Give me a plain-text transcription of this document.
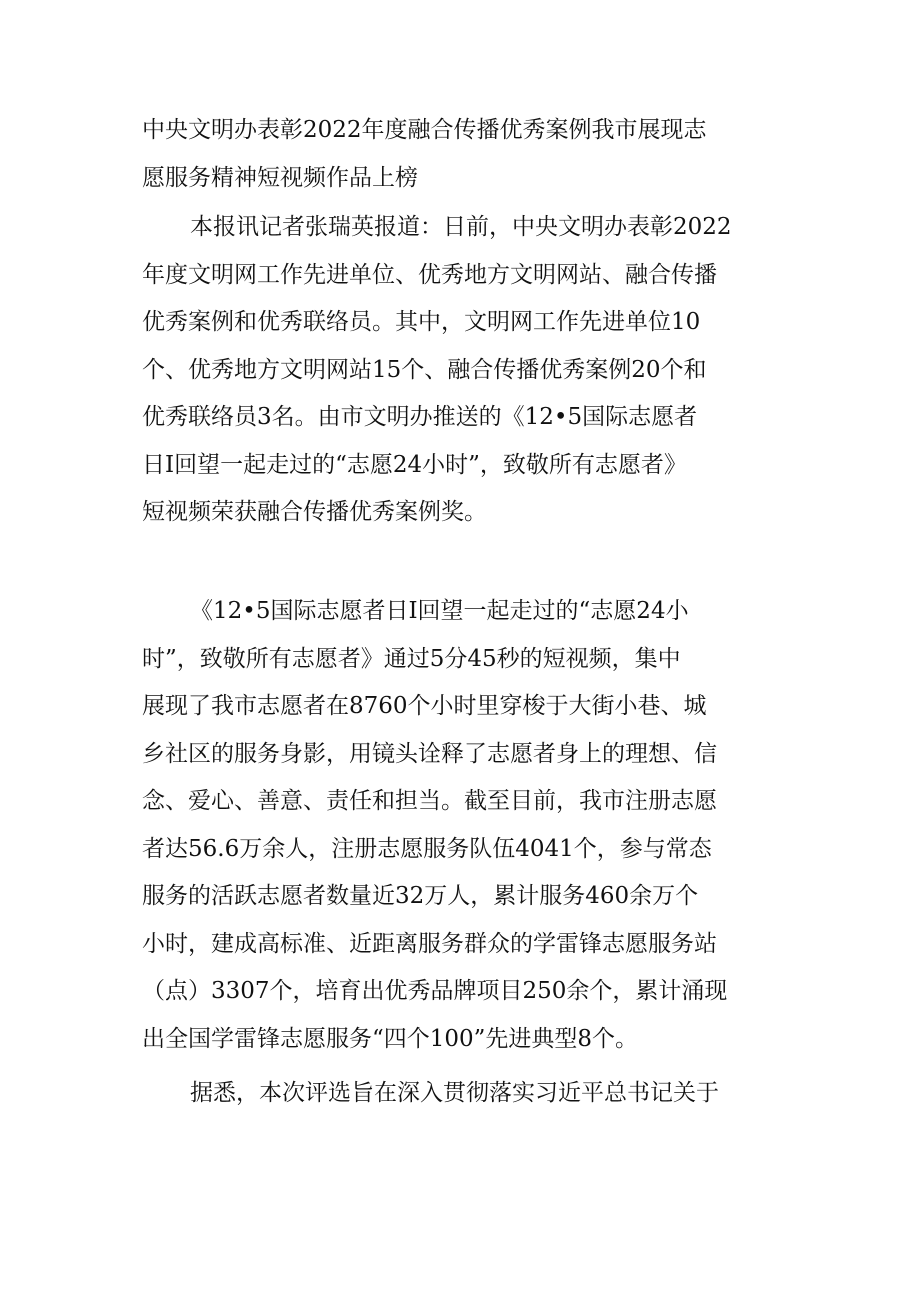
中央文明办表彰2022年度融合传播优秀案例我市展现志
愿服务精神短视频作品上榜
本报讯记者张瑞英报道：日前，中央文明办表彰2022
年度文明网工作先进单位、优秀地方文明网站、融合传播
优秀案例和优秀联络员。其中，文明网工作先进单位10
个、优秀地方文明网站15个、融合传播优秀案例20个和
优秀联络员3名。由市文明办推送的《12•5国际志愿者
日I回望一起走过的“志愿24小时”，致敬所有志愿者》
短视频荣获融合传播优秀案例奖。
《12•5国际志愿者日I回望一起走过的“志愿24小
时”，致敬所有志愿者》通过5分45秒的短视频，集中
展现了我市志愿者在8760个小时里穿梭于大街小巷、城
乡社区的服务身影，用镜头诠释了志愿者身上的理想、信
念、爱心、善意、责任和担当。截至目前，我市注册志愿
者达56.6万余人，注册志愿服务队伍4041个，参与常态
服务的活跃志愿者数量近32万人，累计服务460余万个
小时，建成高标准、近距离服务群众的学雷锋志愿服务站
（点）3307个，培育出优秀品牌项目250余个，累计涌现
出全国学雷锋志愿服务“四个100”先进典型8个。
据悉，本次评选旨在深入贯彻落实习近平总书记关于
